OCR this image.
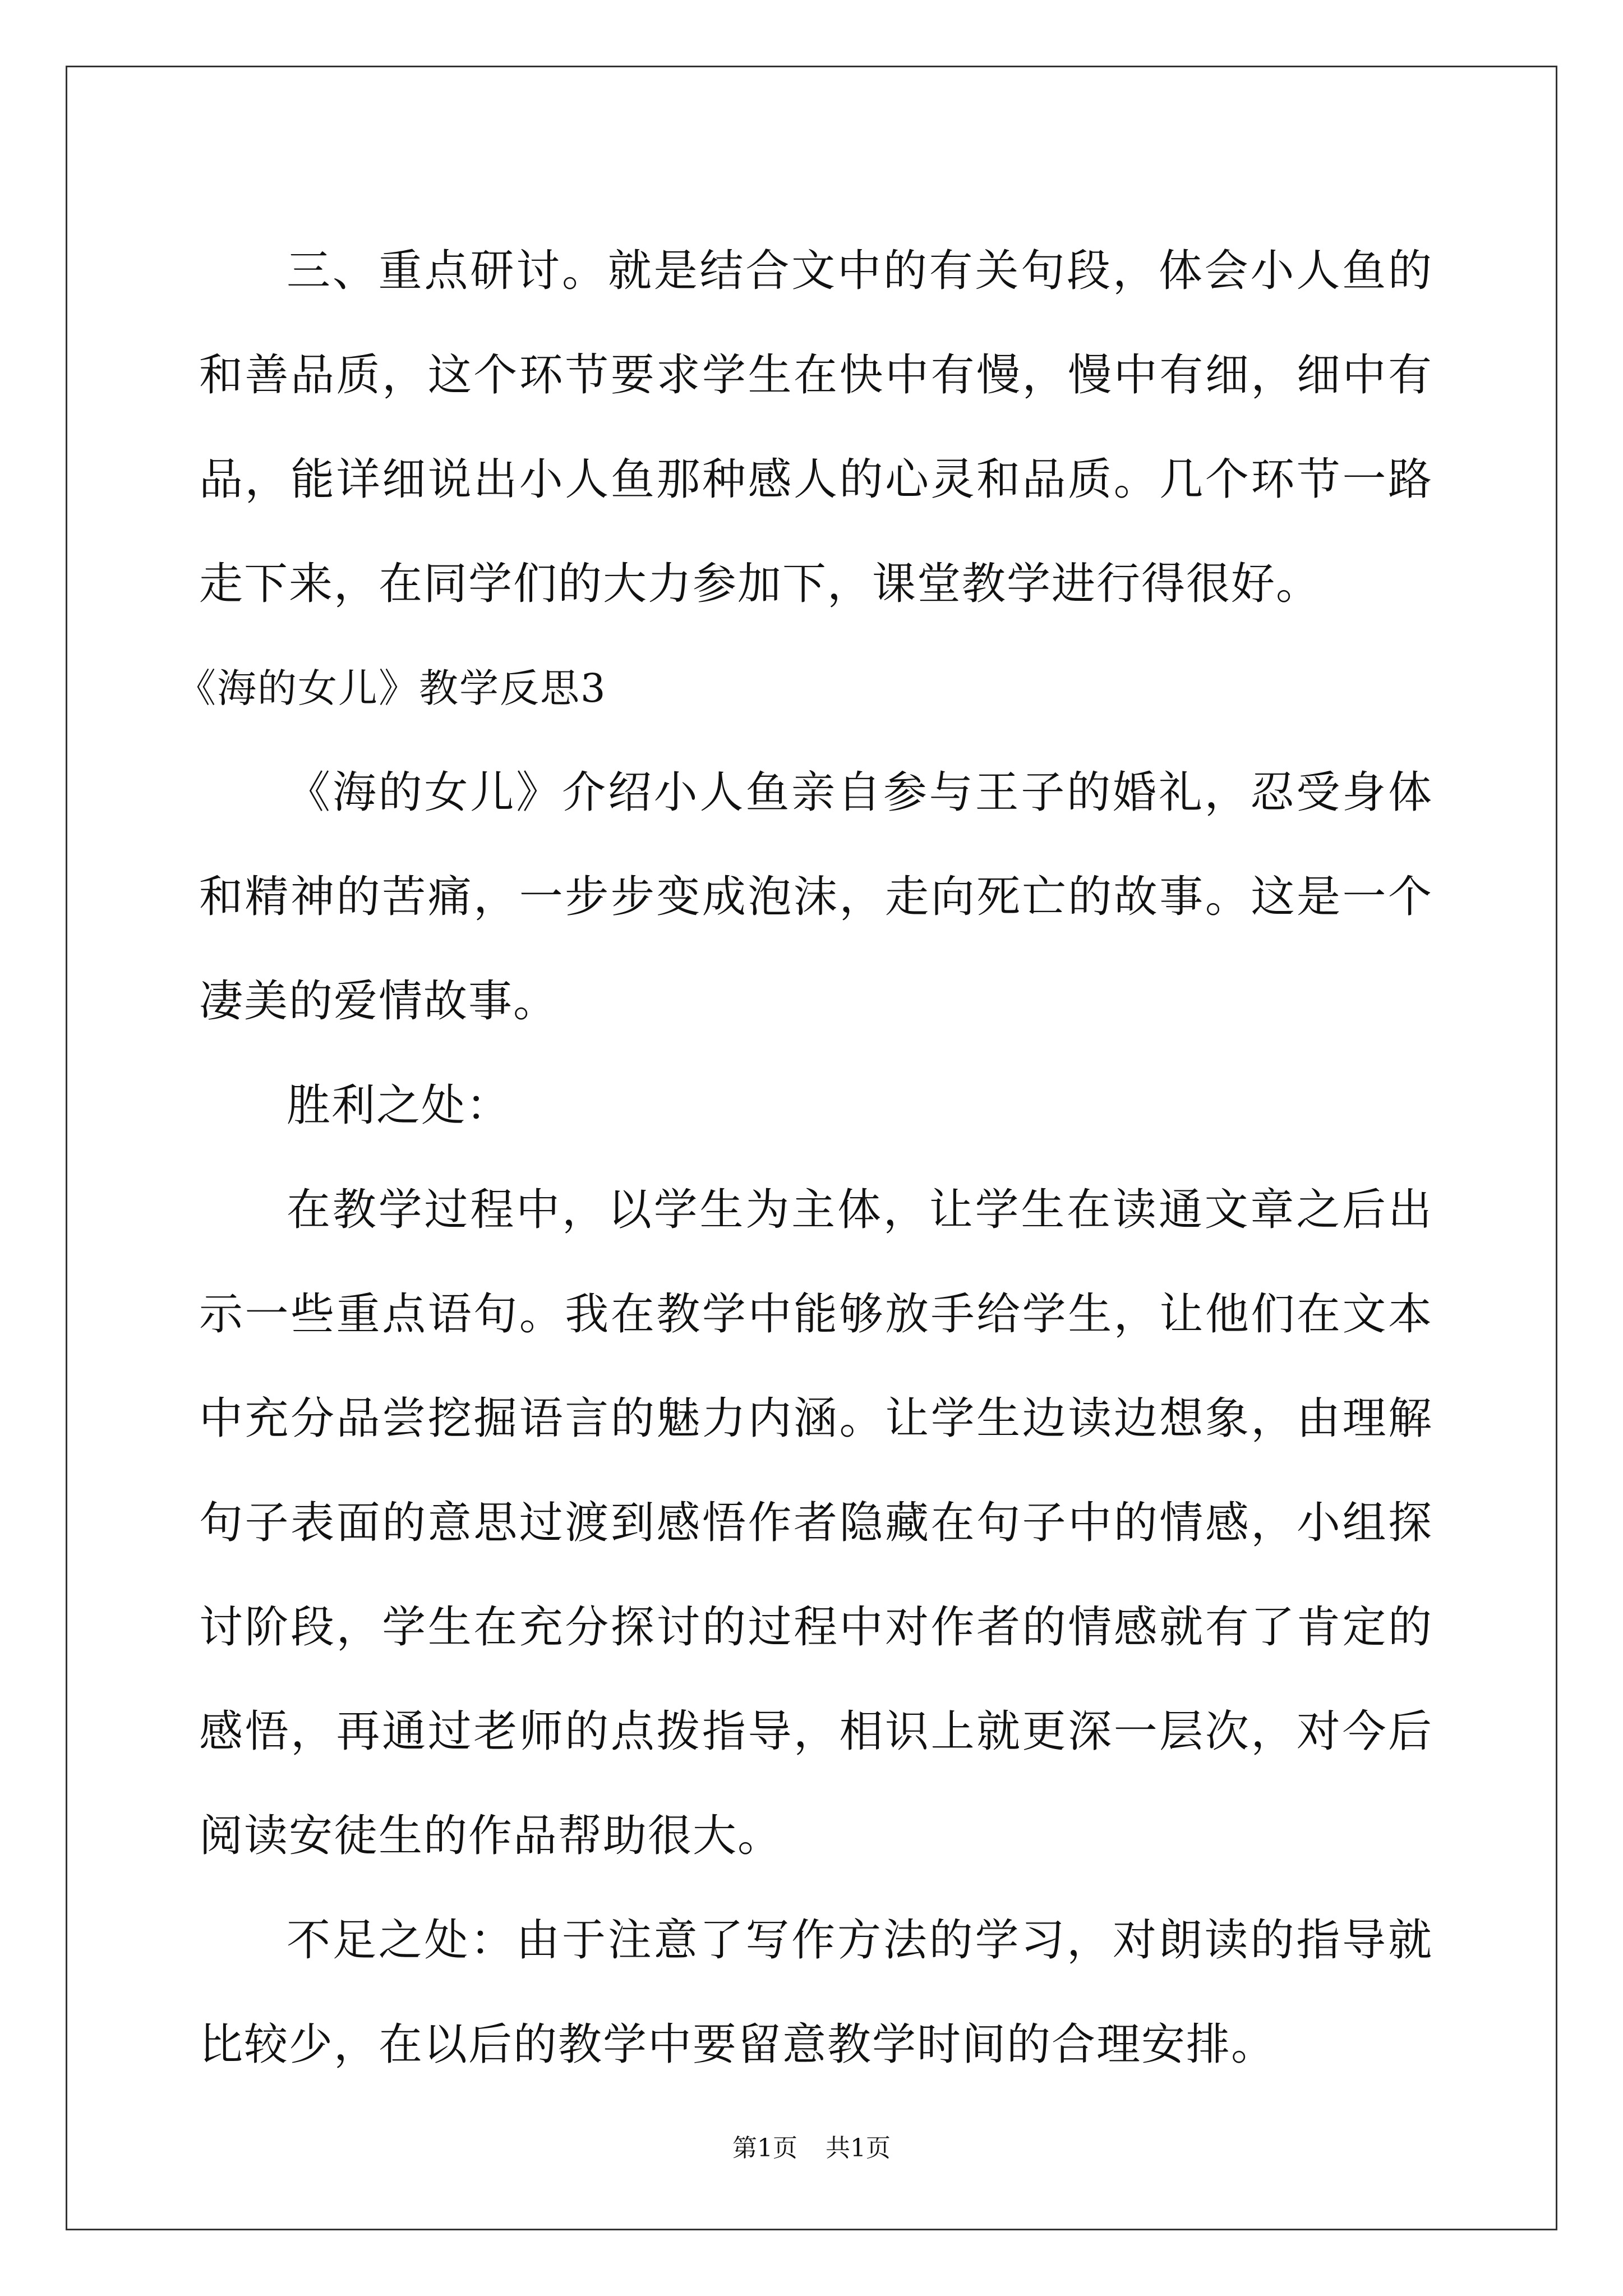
三、重点研讨。就是结合文中的有关句段，体会小人鱼的和善品质，这个环节要求学生在快中有慢，慢中有细，细中有品，能详细说出小人鱼那种感人的心灵和品质。几个环节一路走下来，在同学们的大力参加下，课堂教学进行得很好。

《海的女儿》教学反思3

《海的女儿》介绍小人鱼亲自参与王子的婚礼，忍受身体和精神的苦痛，一步步变成泡沫，走向死亡的故事。这是一个凄美的爱情故事。

胜利之处：

在教学过程中，以学生为主体，让学生在读通文章之后出示一些重点语句。我在教学中能够放手给学生，让他们在文本中充分品尝挖掘语言的魅力内涵。让学生边读边想象，由理解句子表面的意思过渡到感悟作者隐藏在句子中的情感，小组探讨阶段，学生在充分探讨的过程中对作者的情感就有了肯定的感悟，再通过老师的点拨指导，相识上就更深一层次，对今后阅读安徒生的作品帮助很大。

不足之处：由于注意了写作方法的学习，对朗读的指导就比较少，在以后的教学中要留意教学时间的合理安排。

第1页 共1页
